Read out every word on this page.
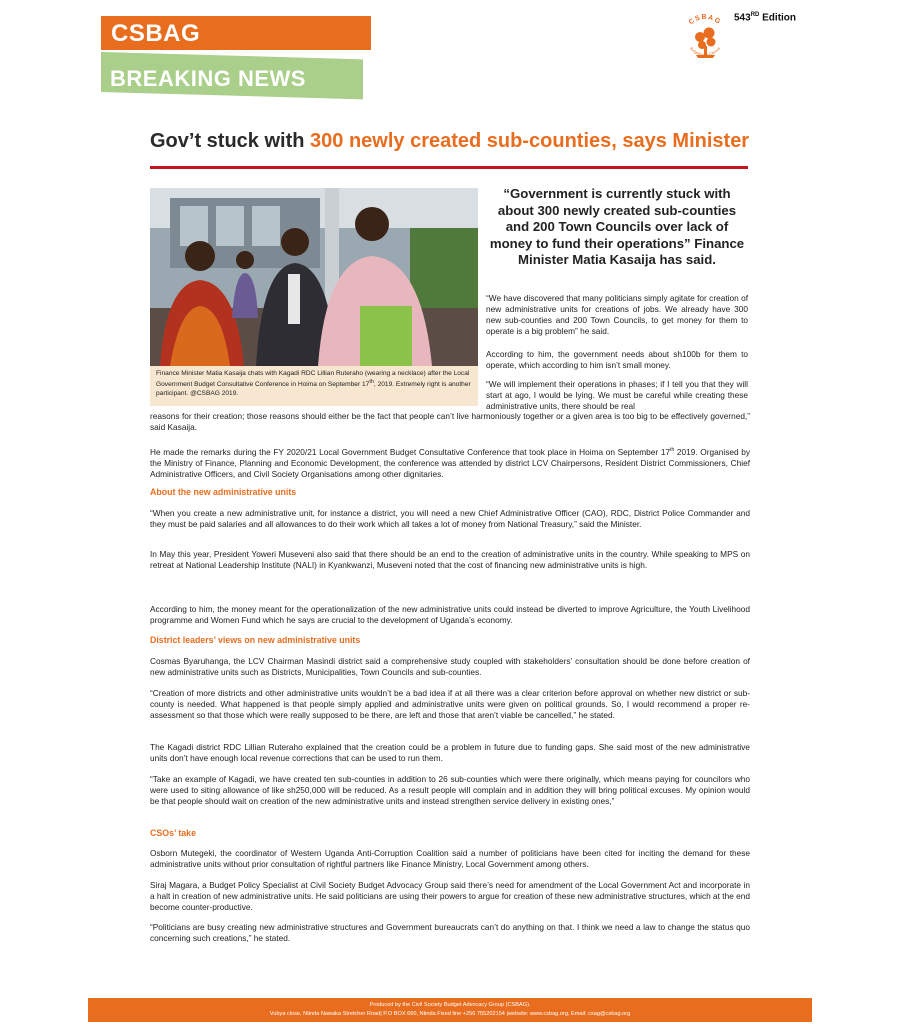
CSBAG
BREAKING NEWS
CSBAG
Budgeting for Citizens
543RD Edition
Gov’t stuck with 300 newly created sub-counties, says Minister
Finance Minister Matia Kasaija chats with Kagadi RDC Lillian Ruteraho (wearing a necklace) after the Local Government Budget Consultative Conference in Hoima on September 17th, 2019. Extremely right is another participant. @CSBAG 2019.
“Government is currently stuck with about 300 newly created sub-counties and 200 Town Councils over lack of money to fund their operations” Finance Minister Matia Kasaija has said.
“We have discovered that many politicians simply agitate for creation of new administrative units for creations of jobs. We already have 300 new sub-counties and 200 Town Councils, to get money for them to operate is a big problem” he said.
According to him, the government needs about sh100b for them to operate, which according to him isn’t small money.
“We will implement their operations in phases; if I tell you that they will start at ago, I would be lying. We must be careful while creating these administrative units, there should be real
reasons for their creation; those reasons should either be the fact that people can’t live harmoniously together or a given area is too big to be effectively governed,” said Kasaija.
He made the remarks during the FY 2020/21 Local Government Budget Consultative Conference that took place in Hoima on September 17th 2019. Organised by the Ministry of Finance, Planning and Economic Development, the conference was attended by district LCV Chairpersons, Resident District Commissioners, Chief Administrative Officers, and Civil Society Organisations among other dignitaries.
About the new administrative units
“When you create a new administrative unit, for instance a district, you will need a new Chief Administrative Officer (CAO), RDC, District Police Commander and they must be paid salaries and all allowances to do their work which all takes a lot of money from National Treasury,” said the Minister.
In May this year, President Yoweri Museveni also said that there should be an end to the creation of administrative units in the country. While speaking to MPS on retreat at National Leadership Institute (NALI) in Kyankwanzi, Museveni noted that the cost of financing new administrative units is high.
According to him, the money meant for the operationalization of the new administrative units could instead be diverted to improve Agriculture, the Youth Livelihood programme and Women Fund which he says are crucial to the development of Uganda’s economy.
District leaders’ views on new administrative units
Cosmas Byaruhanga, the LCV Chairman Masindi district said a comprehensive study coupled with stakeholders’ consultation should be done before creation of new administrative units such as Districts, Municipalities, Town Councils and sub-counties.
“Creation of more districts and other administrative units wouldn’t be a bad idea if at all there was a clear criterion before approval on whether new district or sub-county is needed. What happened is that people simply applied and administrative units were given on political grounds. So, I would recommend a proper re-assessment so that those which were really supposed to be there, are left and those that aren’t viable be cancelled,” he stated.
The Kagadi district RDC Lillian Ruteraho explained that the creation could be a problem in future due to funding gaps. She said most of the new administrative units don’t have enough local revenue corrections that can be used to run them.
“Take an example of Kagadi, we have created ten sub-counties in addition to 26 sub-counties which were there originally, which means paying for councilors who were used to siting allowance of like sh250,000 will be reduced. As a result people will complain and in addition they will bring political excuses. My opinion would be that people should wait on creation of the new administrative units and instead strengthen service delivery in existing ones,”
CSOs’ take
Osborn Mutegeki, the coordinator of Western Uganda Anti-Corruption Coalition said a number of politicians have been cited for inciting the demand for these administrative units without prior consultation of rightful partners like Finance Ministry, Local Government among others.
Siraj Magara, a Budget Policy Specialist at Civil Society Budget Advocacy Group said there’s need for amendment of the Local Government Act and incorporate in a halt in creation of new administrative units. He said politicians are using their powers to argue for creation of these new administrative structures, which at the end become counter-productive.
“Politicians are busy creating new administrative structures and Government bureaucrats can’t do anything on that. I think we need a law to change the status quo concerning such creations,” he stated.
Produced by the Civil Society Budget Advocacy Group (CSBAG).
Vubya close, Ntinda Nawaka Stretcher Road| P.O BOX 660, Ntinda Fixed line +256 755202154 |website: www.csbag.org, Email: csag@csbag.org
